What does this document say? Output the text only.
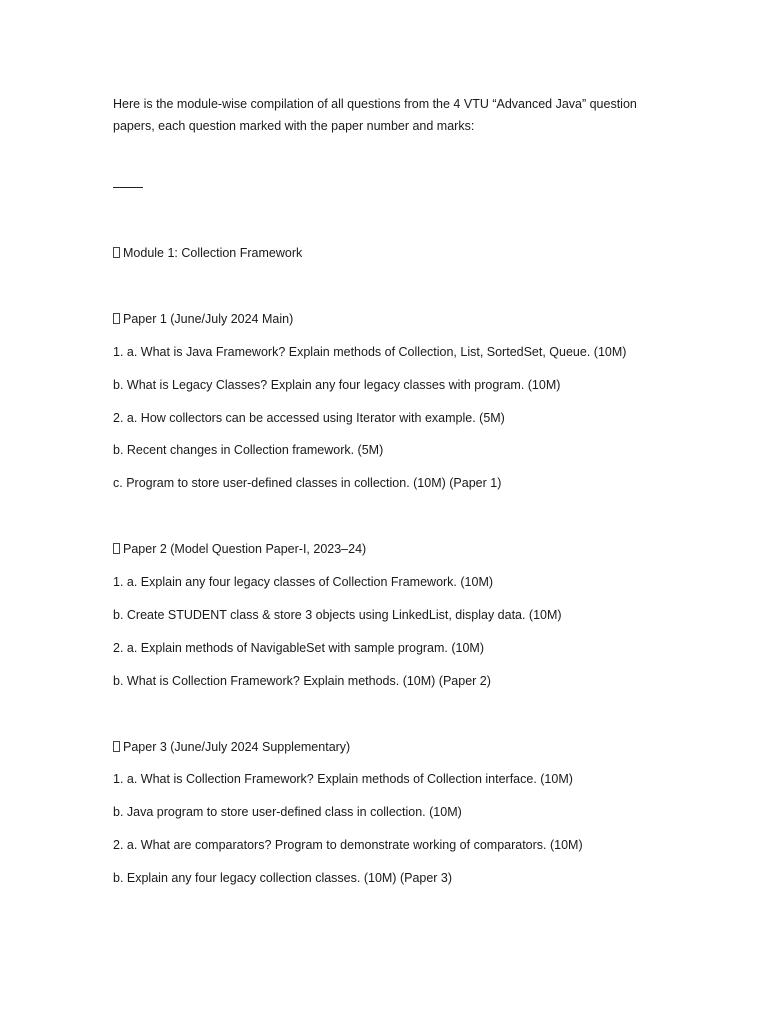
Here is the module-wise compilation of all questions from the 4 VTU “Advanced Java” question papers, each question marked with the paper number and marks:

Module 1: Collection Framework
Paper 1 (June/July 2024 Main)
1. a. What is Java Framework? Explain methods of Collection, List, SortedSet, Queue. (10M)
b. What is Legacy Classes? Explain any four legacy classes with program. (10M)
2. a. How collectors can be accessed using Iterator with example. (5M)
b. Recent changes in Collection framework. (5M)
c. Program to store user-defined classes in collection. (10M) (Paper 1)
Paper 2 (Model Question Paper-I, 2023–24)
1. a. Explain any four legacy classes of Collection Framework. (10M)
b. Create STUDENT class & store 3 objects using LinkedList, display data. (10M)
2. a. Explain methods of NavigableSet with sample program. (10M)
b. What is Collection Framework? Explain methods. (10M) (Paper 2)
Paper 3 (June/July 2024 Supplementary)
1. a. What is Collection Framework? Explain methods of Collection interface. (10M)
b. Java program to store user-defined class in collection. (10M)
2. a. What are comparators? Program to demonstrate working of comparators. (10M)
b. Explain any four legacy collection classes. (10M) (Paper 3)
